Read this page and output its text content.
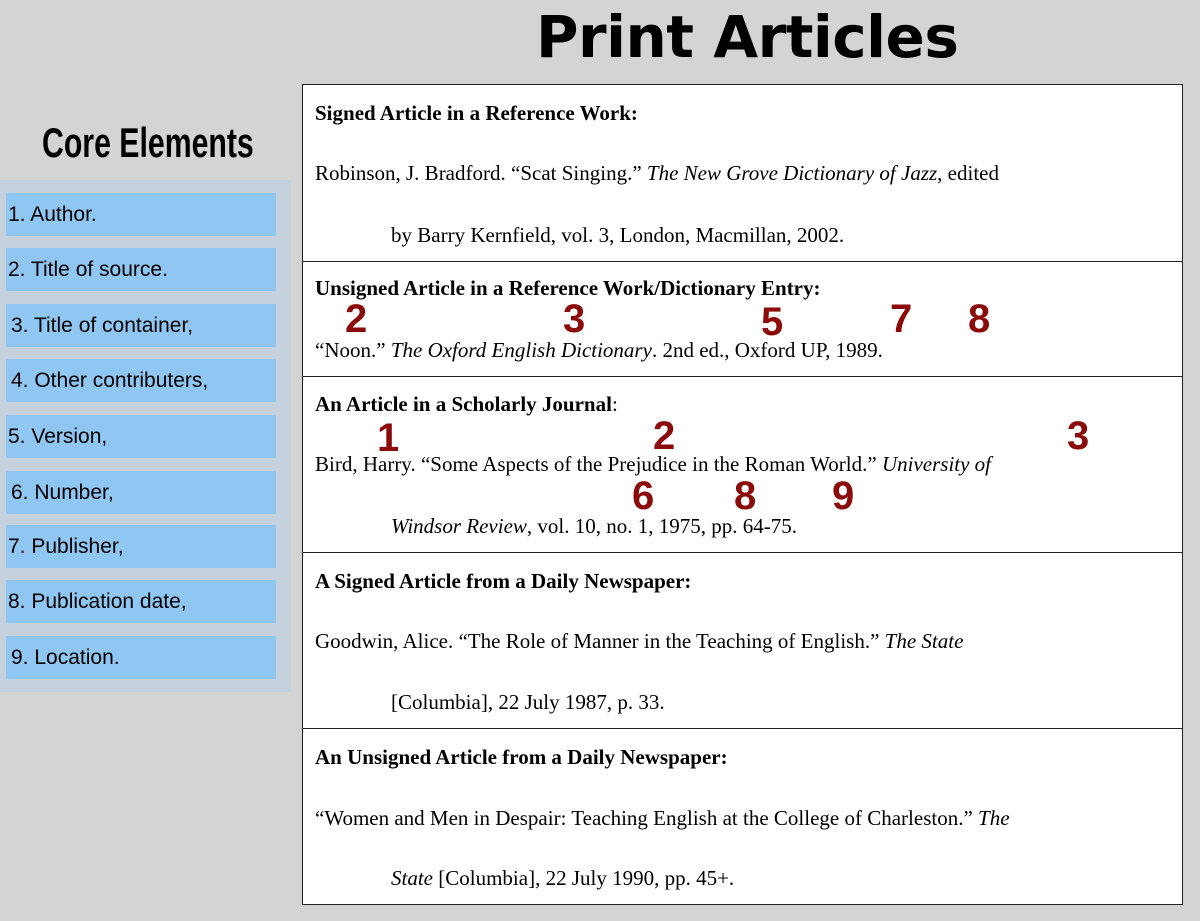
Print Articles
Core Elements
1. Author.
2. Title of source.
3. Title of container,
4. Other contributers,
5. Version,
6. Number,
7. Publisher,
8. Publication date,
9. Location.
Signed Article in a Reference Work:
Robinson, J. Bradford. “Scat Singing.” The New Grove Dictionary of Jazz, edited
by Barry Kernfield, vol. 3, London, Macmillan, 2002.
Unsigned Article in a Reference Work/Dictionary Entry:
“Noon.” The Oxford English Dictionary. 2nd ed., Oxford UP, 1989.
2	3	5	7 8
An Article in a Scholarly Journal:
Bird, Harry. “Some Aspects of the Prejudice in the Roman World.” University of
Windsor Review, vol. 10, no. 1, 1975, pp. 64-75.
1	2	3
6 8 9
A Signed Article from a Daily Newspaper:
Goodwin, Alice. “The Role of Manner in the Teaching of English.” The State
[Columbia], 22 July 1987, p. 33.
An Unsigned Article from a Daily Newspaper:
“Women and Men in Despair: Teaching English at the College of Charleston.” The
State [Columbia], 22 July 1990, pp. 45+.
